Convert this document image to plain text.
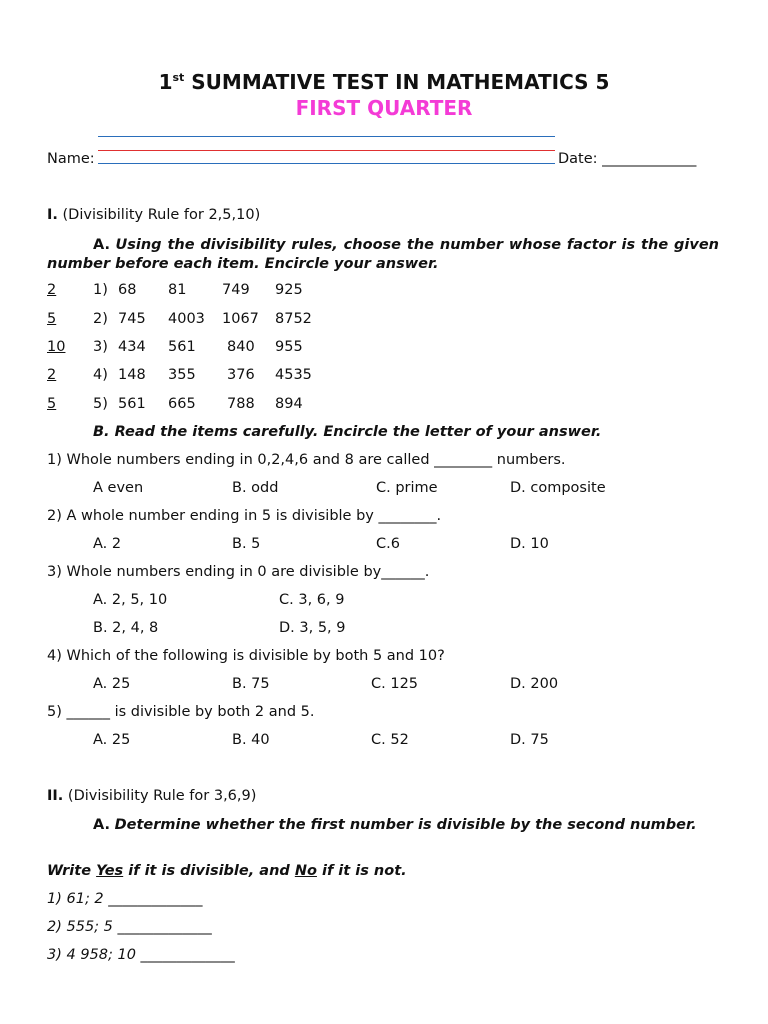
1st SUMMATIVE TEST IN MATHEMATICS 5
FIRST QUARTER
Name:	Date: _____________
I. (Divisibility Rule for 2,5,10)
A. Using the divisibility rules, choose the number whose factor is the given number before each item. Encircle your answer.
2	1) 68 81 749 925
5	2) 745 4003 1067 8752
10 3) 434 561 840 955
2	4) 148 355 376 4535
5	5) 561 665 788 894
B. Read the items carefully. Encircle the letter of your answer.
1) Whole numbers ending in 0,2,4,6 and 8 are called ________ numbers.
A even	B. odd	C. prime	D. composite
2) A whole number ending in 5 is divisible by ________.
A. 2	B. 5	C.6	D. 10
3) Whole numbers ending in 0 are divisible by______.
A. 2, 5, 10	C. 3, 6, 9
B. 2, 4, 8	D. 3, 5, 9
4) Which of the following is divisible by both 5 and 10?
A. 25	B. 75	C. 125	D. 200
5) ______ is divisible by both 2 and 5.
A. 25	B. 40	C. 52	D. 75
II. (Divisibility Rule for 3,6,9)
A. Determine whether the first number is divisible by the second number.
Write Yes if it is divisible, and No if it is not.
1) 61; 2 _____________
2) 555; 5 _____________
3) 4 958; 10 _____________
